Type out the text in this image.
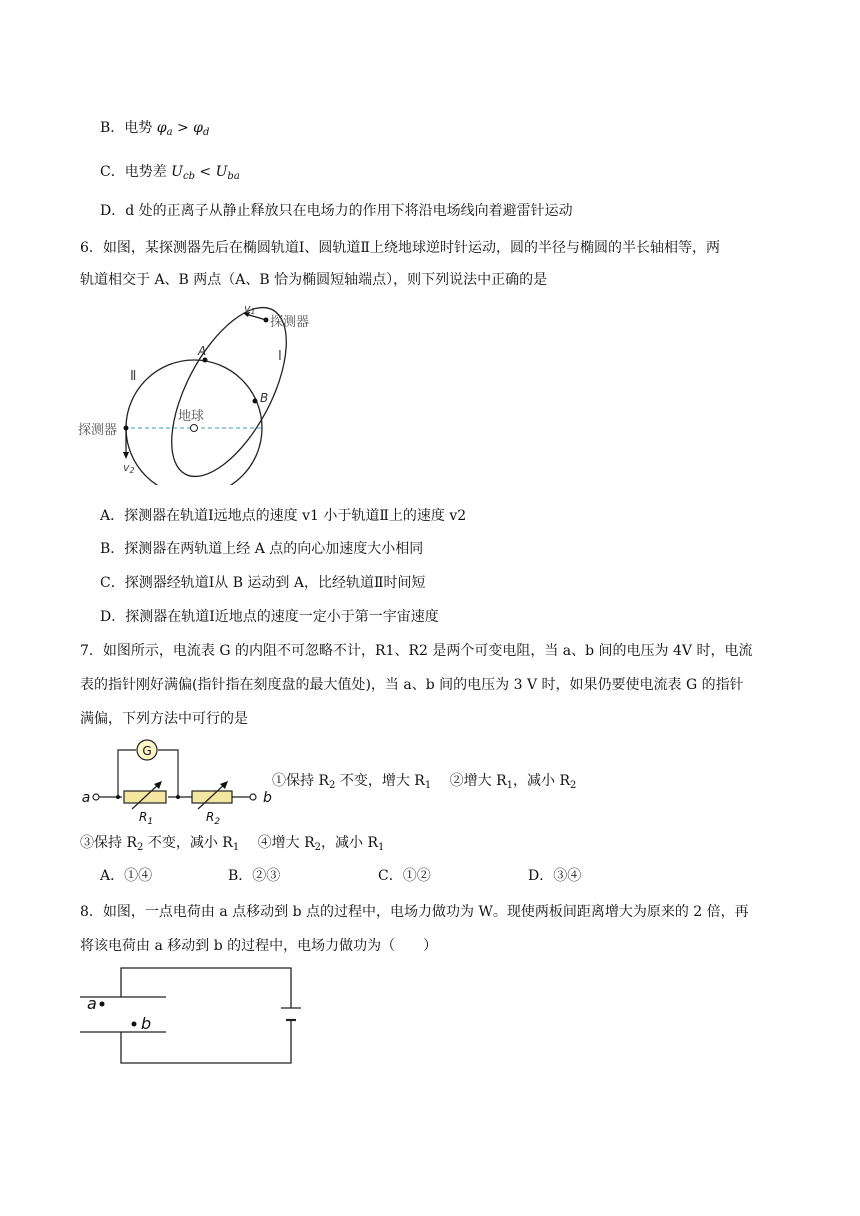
B．电势 $\varphi_a > \varphi_d$
C．电势差 $U_{cb} < U_{ba}$
D．d 处的正离子从静止释放只在电场力的作用下将沿电场线向着避雷针运动
6．如图，某探测器先后在椭圆轨道Ⅰ、圆轨道Ⅱ上绕地球逆时针运动，圆的半径与椭圆的半长轴相等，两
轨道相交于 A、B 两点（A、B 恰为椭圆短轴端点），则下列说法中正确的是
v1
探测器
Ⅰ
Ⅱ
A
B
地球
探测器
v2
A．探测器在轨道Ⅰ远地点的速度 v1 小于轨道Ⅱ上的速度 v2
B．探测器在两轨道上经 A 点的向心加速度大小相同
C．探测器经轨道Ⅰ从 B 运动到 A，比经轨道Ⅱ时间短
D．探测器在轨道Ⅰ近地点的速度一定小于第一宇宙速度
7．如图所示，电流表 G 的内阻不可忽略不计，R1、R2 是两个可变电阻，当 a、b 间的电压为 4V 时，电流
表的指针刚好满偏(指针指在刻度盘的最大值处)，当 a、b 间的电压为 3 V 时，如果仍要使电流表 G 的指针
满偏，下列方法中可行的是
G
a	b
$R_1$	$R_2$
①保持 $R_2$ 不变，增大 $R_1$　 ②增大 $R_1$，减小 $R_2$
③保持 $R_2$ 不变，减小 $R_1$　 ④增大 $R_2$，减小 $R_1$
A．①④	B．②③	C．①②	D．③④
8．如图，一点电荷由 a 点移动到 b 点的过程中，电场力做功为 W。现使两板间距离增大为原来的 2 倍，再
将该电荷由 a 移动到 b 的过程中，电场力做功为（　　）
a
b
